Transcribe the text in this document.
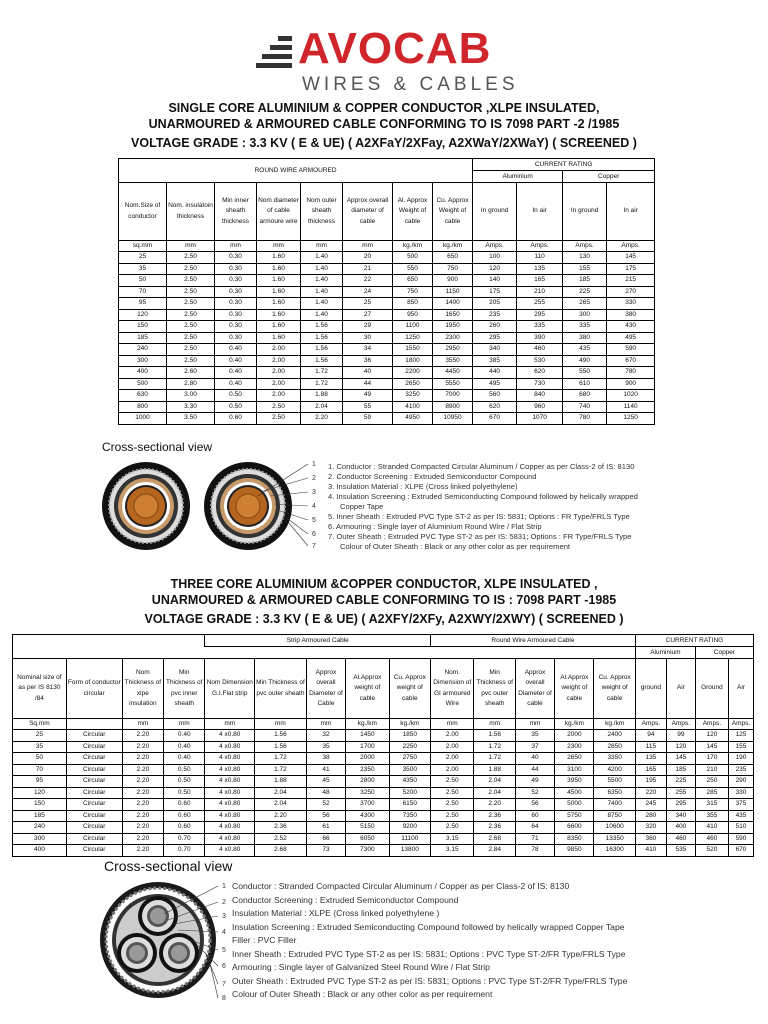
AVOCAB
WIRES & CABLES
SINGLE CORE ALUMINIUM & COPPER CONDUCTOR ,XLPE INSULATED,
UNARMOURED & ARMOURED CABLE CONFORMING TO IS 7098 PART -2 /1985
VOLTAGE GRADE : 3.3 KV ( E & UE) ( A2XFaY/2XFay, A2XWaY/2XWaY) ( SCREENED )
ROUND WIRE ARMOURED								CURRENT RATING			
								Aluminium		Copper	
Nom.Size of conductor	Nom. insulatoin thickness	Min inner sheath thickness	Nom diameter of cable armoure wire	Nom outer sheath thickness	Approx overall diameter of cable	Al. Approx Weight of cable	Cu. Approx Weight of cable	In ground	In air	In ground	In air
sq.mm	mm	mm	mm	mm	mm	kg./km	kg./km	Amps.	Amps.	Amps.	Amps.
25	2.50	0.30	1.60	1.40	20	500	650	100	110	130	145
35	2.50	0.30	1.60	1.40	21	550	750	120	135	155	175
50	2.50	0.30	1.60	1.40	22	650	900	140	165	185	215
70	2.50	0.30	1.60	1.40	24	750	1150	175	210	225	270
95	2.50	0.30	1.60	1.40	25	850	1400	205	255	265	330
120	2.50	0.30	1.60	1.40	27	950	1650	235	295	300	380
150	2.50	0.30	1.60	1.56	29	1100	1950	260	335	335	430
185	2.50	0.30	1.60	1.56	30	1250	2300	295	390	380	495
240	2.50	0.40	2.00	1.56	34	1550	2950	340	460	435	590
300	2.50	0.40	2.00	1.56	36	1800	3550	385	530	490	670
400	2.60	0.40	2.00	1.72	40	2200	4450	440	620	550	780
500	2.80	0.40	2.00	1.72	44	2650	5550	495	730	610	900
630	3.00	0.50	2.00	1.88	49	3250	7000	560	840	680	1020
800	3.30	0.50	2.50	2.04	55	4100	8900	620	960	740	1140
1000	3.50	0.60	2.50	2.20	59	4950	10950	670	1070	780	1250
Cross-sectional view
1
2
3
4
5
6
7
1. Conductor : Stranded Compacted Circular Aluminum / Copper as per Class-2 of IS: 8130
2. Conductor Screening : Extruded Semiconductor Compound
3. Insulation Material : XLPE (Cross linked polyethylene)
4. Insulation Screening : Extruded Semiconducting Compound followed by helically wrapped
Copper Tape
5. Inner Sheath : Extruded PVC Type ST-2 as per IS: 5831; Options : FR Type/FRLS Type
6. Armouring : Single layer of Aluminium Round Wire / Flat Strip
7. Outer Sheath : Extruded PVC Type ST-2 as per IS: 5831; Options : FR Type/FRLS Type
Colour of Outer Sheath : Black or any other color as per requirement
THREE CORE ALUMINIUM &COPPER CONDUCTOR, XLPE INSULATED ,
UNARMOURED & ARMOURED CABLE CONFORMING TO IS : 7098 PART -1985
VOLTAGE GRADE : 3.3 KV ( E & UE) ( A2XFY/2XFy, A2XWY/2XWY) ( SCREENED )
				Strip Armoured Cable					Round Wire Armoured Cable					CURRENT RATING			
														Aluminium		Copper	
Nominal size of as per IS 8130 /84	Form of conductor circular	Nom Thickness of xlpe insulation	Min Thickness of pvc inner sheath	Nom Dimension G.I.Flat strip	Min Thickness of pvc outer sheath	Approx overall Diameter of Cable	Al.Approx weight of cable	Cu. Approx weight of cable	Nom. Dimension of GI armoured Wire	Min Thickness of pvc outer sheath	Approx overall Diameter of cable	Al.Approx weight of cable	Cu. Approx weight of cable	ground	Air	Ground	Air
Sq.mm		mm	mm	mm	mm	mm	kg./km	kg./km	mm	mm	mm	kg./km	kg./km	Amps.	Amps.	Amps.	Amps.
25	Circular	2.20	0.40	4 x0.80	1.56	32	1450	1850	2.00	1.56	35	2000	2400	94	99	120	125
35	Circular	2.20	0.40	4 x0.80	1.56	35	1700	2250	2.00	1.72	37	2300	2850	115	120	145	155
50	Circular	2.20	0.40	4 x0.80	1.72	38	2000	2750	2.00	1.72	40	2650	3350	135	145	170	190
70	Circular	2.20	0.50	4 x0.80	1.72	41	2350	3500	2.00	1.88	44	3100	4200	165	185	210	235
95	Circular	2.20	0.50	4 x0.80	1.88	45	2800	4350	2.50	2.04	49	3950	5500	195	225	250	290
120	Circular	2.20	0.50	4 x0.80	2.04	48	3250	5200	2.50	2.04	52	4500	6350	220	255	285	330
150	Circular	2.20	0.60	4 x0.80	2.04	52	3700	6150	2.50	2.20	56	5000	7400	245	295	315	375
185	Circular	2.20	0.60	4 x0.80	2.20	56	4300	7350	2.50	2.36	60	5750	8750	280	340	355	435
240	Circular	2.20	0.60	4 x0.80	2.36	61	5150	9200	2.50	2.36	64	6600	10600	320	400	410	510
300	Circular	2.20	0.70	4 x0.80	2.52	66	6050	11100	3.15	2.68	71	8350	13350	360	460	460	590
400	Circular	2.20	0.70	4 x0.80	2.68	73	7300	13800	3.15	2.84	78	9850	16300	410	535	520	670
Cross-sectional view
1
2
3
4
5
6
7
8
Conductor : Stranded Compacted Circular Aluminum / Copper as per Class-2 of IS: 8130
Conductor Screening : Extruded Semiconductor Compound
Insulation Material : XLPE (Cross linked polyethylene )
Insulation Screening : Extruded Semiconducting Compound followed by helically wrapped Copper Tape
Filler : PVC Filler
Inner Sheath : Extruded PVC Type ST-2 as per IS: 5831; Options : PVC Type ST-2/FR Type/FRLS Type
Armouring : Single layer of Galvanized Steel Round Wire / Flat Strip
Outer Sheath : Extruded PVC Type ST-2 as per IS: 5831; Options : PVC Type ST-2/FR Type/FRLS Type
Colour of Outer Sheath : Black or any other color as per requirement
